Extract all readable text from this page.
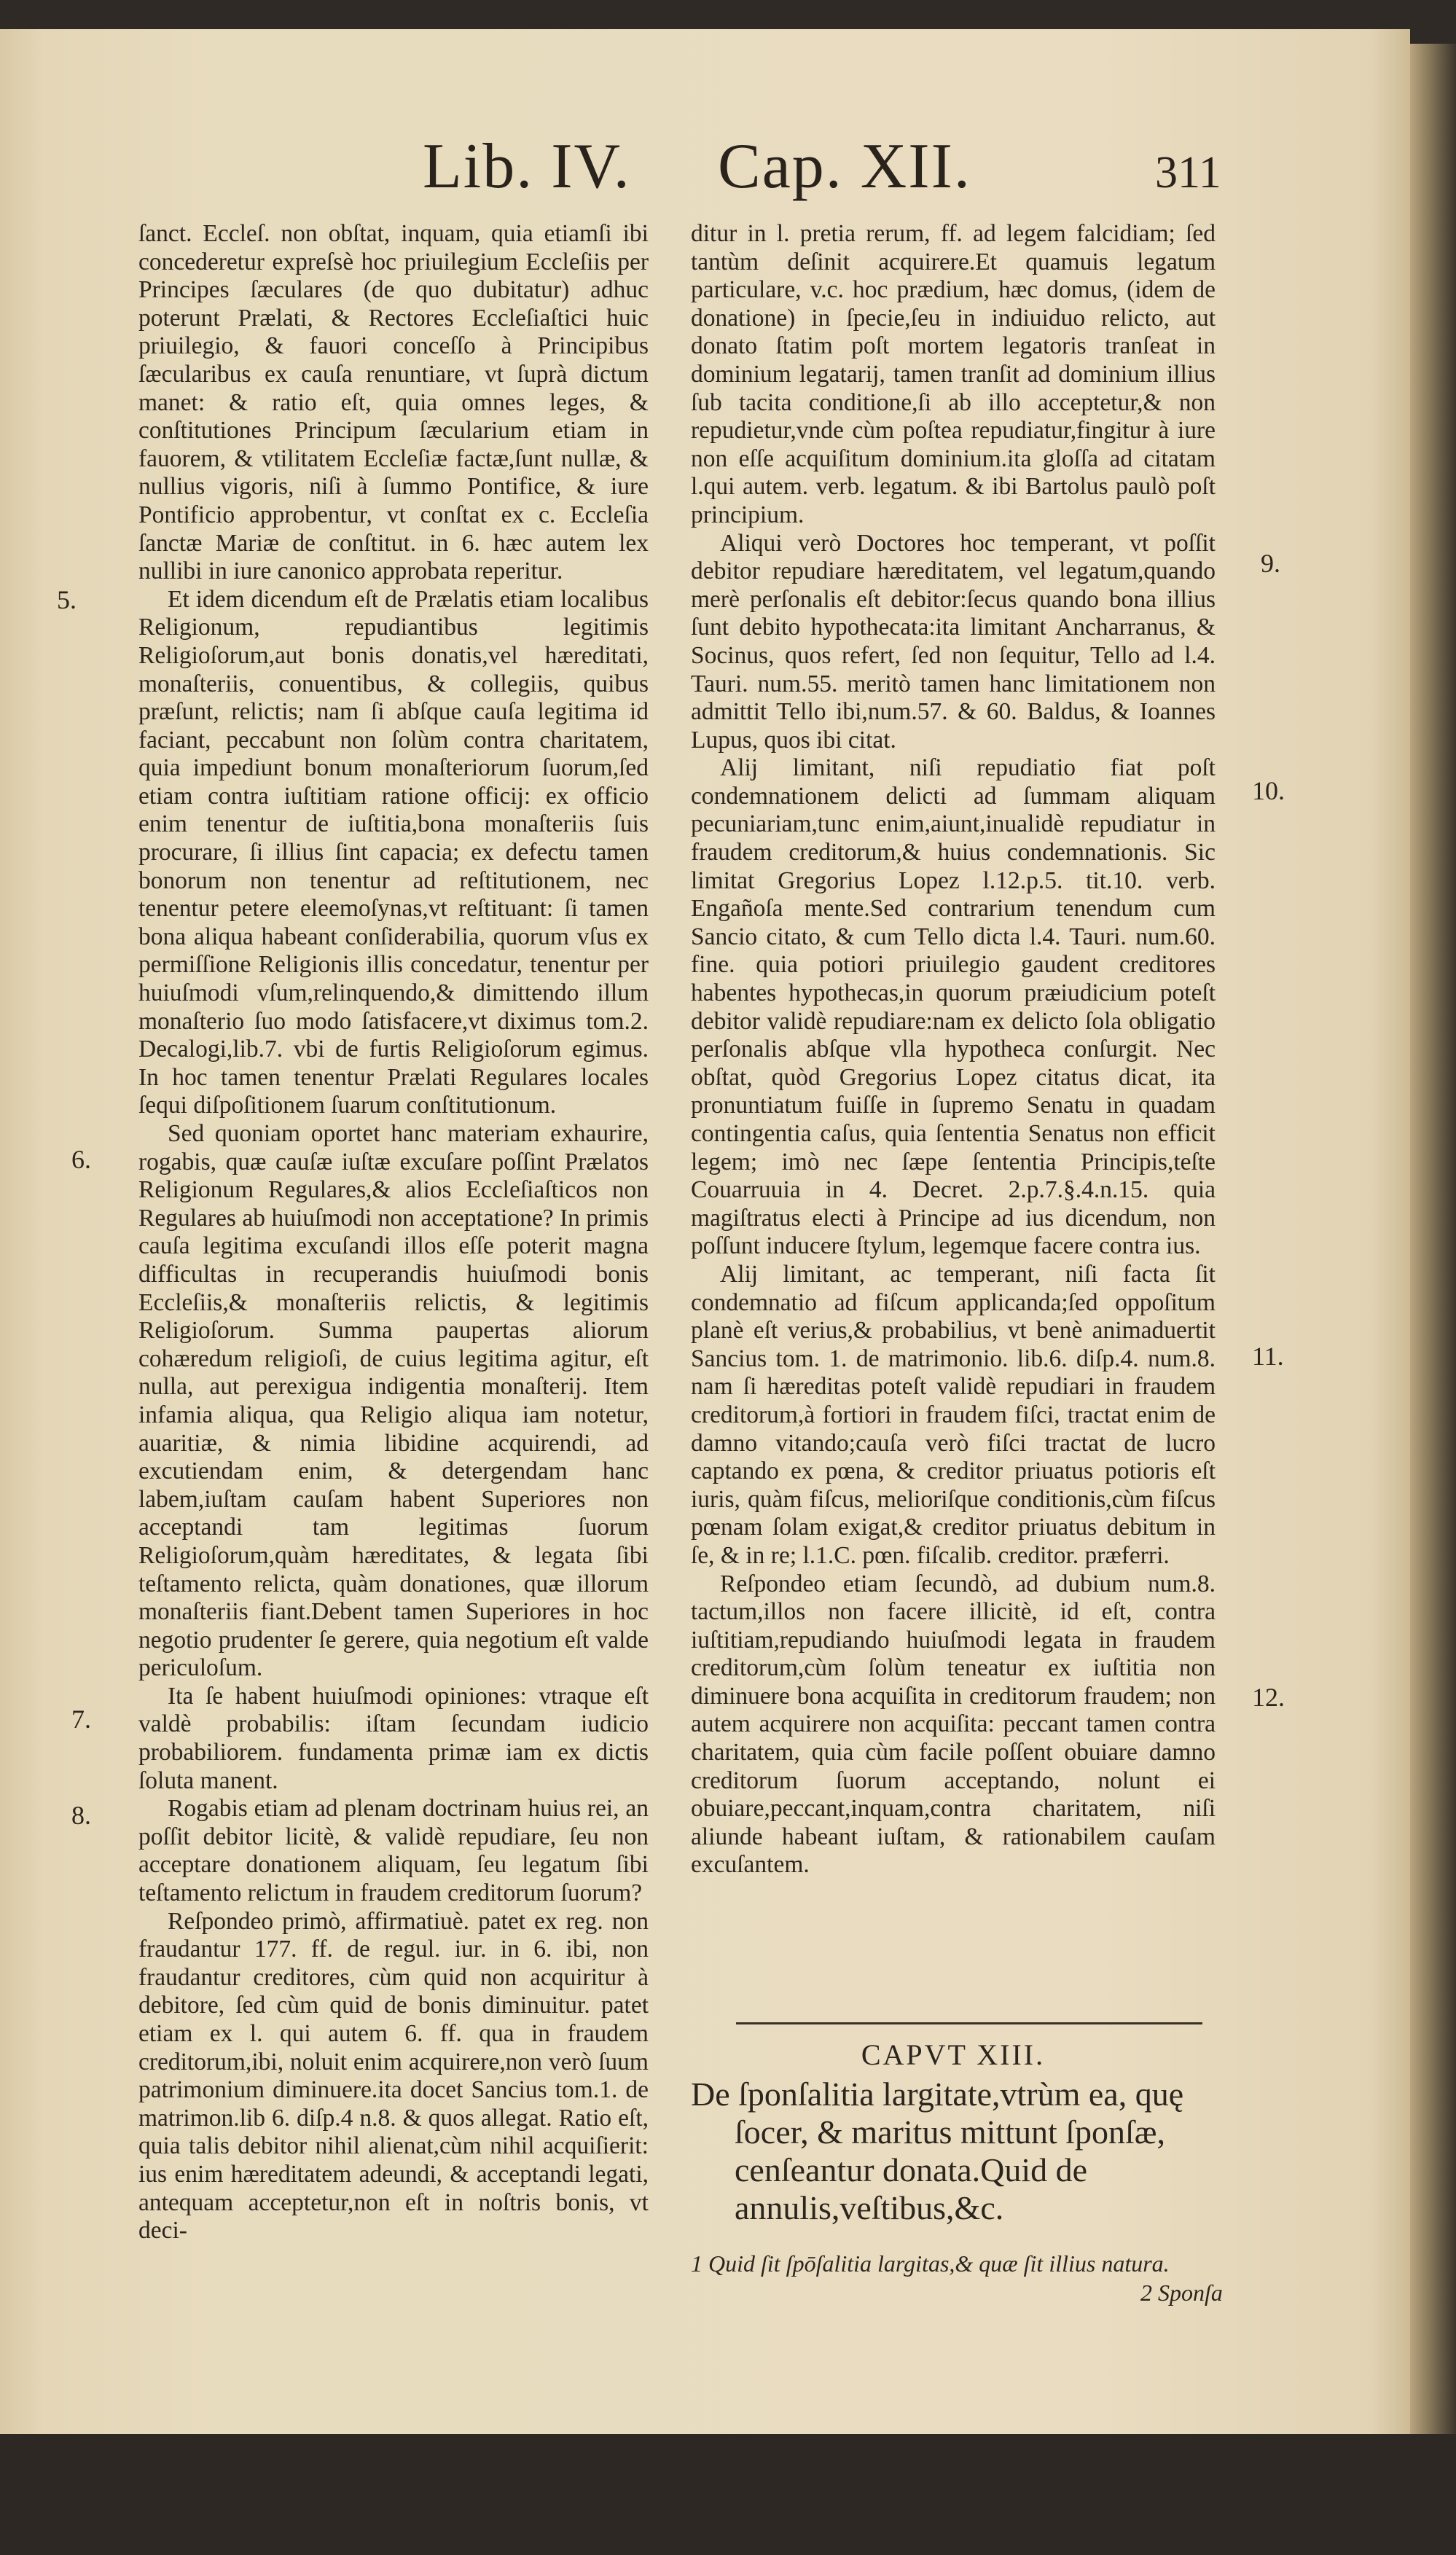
Lib. IV. Cap. XII.	311

ſanct. Eccleſ. non obſtat, inquam, quia etiamſi ibi concederetur expreſsè hoc priuilegium Eccleſiis per Principes ſæculares (de quo dubitatur) adhuc poterunt Prælati, & Rectores Eccleſiaſtici huic priuilegio, & fauori conceſſo à Principibus ſæcularibus ex cauſa renuntiare, vt ſuprà dictum manet: & ratio eſt, quia omnes leges, & conſtitutiones Principum ſæcularium etiam in fauorem, & vtilitatem Eccleſiæ factæ,ſunt nullæ, & nullius vigoris, niſi à ſummo Pontifice, & iure Pontificio approbentur, vt conſtat ex c. Eccleſia ſanctæ Mariæ de conſtitut. in 6. hæc autem lex nullibi in iure canonico approbata reperitur.

Et idem dicendum eſt de Prælatis etiam localibus Religionum, repudiantibus legitimis Religioſorum,aut bonis donatis,vel hæreditati, monaſteriis, conuentibus, & collegiis, quibus præſunt, relictis; nam ſi abſque cauſa legitima id faciant, peccabunt non ſolùm contra charitatem, quia impediunt bonum monaſteriorum ſuorum,ſed etiam contra iuſtitiam ratione officij: ex officio enim tenentur de iuſtitia,bona monaſteriis ſuis procurare, ſi illius ſint capacia; ex defectu tamen bonorum non tenentur ad reſtitutionem, nec tenentur petere eleemoſynas,vt reſtituant: ſi tamen bona aliqua habeant conſiderabilia, quorum vſus ex permiſſione Religionis illis concedatur, tenentur per huiuſmodi vſum,relinquendo,& dimittendo illum monaſterio ſuo modo ſatisfacere,vt diximus tom.2. Decalogi,lib.7. vbi de furtis Religioſorum egimus. In hoc tamen tenentur Prælati Regulares locales ſequi diſpoſitionem ſuarum conſtitutionum.

Sed quoniam oportet hanc materiam exhaurire, rogabis, quæ cauſæ iuſtæ excuſare poſſint Prælatos Religionum Regulares,& alios Eccleſiaſticos non Regulares ab huiuſmodi non acceptatione? In primis cauſa legitima excuſandi illos eſſe poterit magna difficultas in recuperandis huiuſmodi bonis Eccleſiis,& monaſteriis relictis, & legitimis Religioſorum. Summa paupertas aliorum cohæredum religioſi, de cuius legitima agitur, eſt nulla, aut perexigua indigentia monaſterij. Item infamia aliqua, qua Religio aliqua iam notetur, auaritiæ, & nimia libidine acquirendi, ad excutiendam enim, & detergendam hanc labem,iuſtam cauſam habent Superiores non acceptandi tam legitimas ſuorum Religioſorum,quàm hæreditates, & legata ſibi teſtamento relicta, quàm donationes, quæ illorum monaſteriis fiant.Debent tamen Superiores in hoc negotio prudenter ſe gerere, quia negotium eſt valde periculoſum.

Ita ſe habent huiuſmodi opiniones: vtraque eſt valdè probabilis: iſtam ſecundam iudicio probabiliorem. fundamenta primæ iam ex dictis ſoluta manent.

Rogabis etiam ad plenam doctrinam huius rei, an poſſit debitor licitè, & validè repudiare, ſeu non acceptare donationem aliquam, ſeu legatum ſibi teſtamento relictum in fraudem creditorum ſuorum?

Reſpondeo primò, affirmatiuè. patet ex reg. non fraudantur 177. ff. de regul. iur. in 6. ibi, non fraudantur creditores, cùm quid non acquiritur à debitore, ſed cùm quid de bonis diminuitur. patet etiam ex l. qui autem 6. ff. qua in fraudem creditorum,ibi, noluit enim acquirere,non verò ſuum patrimonium diminuere.ita docet Sancius tom.1. de matrimon.lib 6. diſp.4 n.8. & quos allegat. Ratio eſt, quia talis debitor nihil alienat,cùm nihil acquiſierit: ius enim hæreditatem adeundi, & acceptandi legati, antequam acceptetur,non eſt in noſtris bonis, vt deci-

5.
6.
7.
8.

ditur in l. pretia rerum, ff. ad legem falcidiam; ſed tantùm deſinit acquirere.Et quamuis legatum particulare, v.c. hoc prædium, hæc domus, (idem de donatione) in ſpecie,ſeu in indiuiduo relicto, aut donato ſtatim poſt mortem legatoris tranſeat in dominium legatarij, tamen tranſit ad dominium illius ſub tacita conditione,ſi ab illo acceptetur,& non repudietur,vnde cùm poſtea repudiatur,fingitur à iure non eſſe acquiſitum dominium.ita gloſſa ad citatam l.qui autem. verb. legatum. & ibi Bartolus paulò poſt principium.

Aliqui verò Doctores hoc temperant, vt poſſit debitor repudiare hæreditatem, vel legatum,quando merè perſonalis eſt debitor:ſecus quando bona illius ſunt debito hypothecata:ita limitant Ancharranus, & Socinus, quos refert, ſed non ſequitur, Tello ad l.4. Tauri. num.55. meritò tamen hanc limitationem non admittit Tello ibi,num.57. & 60. Baldus, & Ioannes Lupus, quos ibi citat.

Alij limitant, niſi repudiatio fiat poſt condemnationem delicti ad ſummam aliquam pecuniariam,tunc enim,aiunt,inualidè repudiatur in fraudem creditorum,& huius condemnationis. Sic limitat Gregorius Lopez l.12.p.5. tit.10. verb. Engañoſa mente.Sed contrarium tenendum cum Sancio citato, & cum Tello dicta l.4. Tauri. num.60. fine. quia potiori priuilegio gaudent creditores habentes hypothecas,in quorum præiudicium poteſt debitor validè repudiare:nam ex delicto ſola obligatio perſonalis abſque vlla hypotheca conſurgit. Nec obſtat, quòd Gregorius Lopez citatus dicat, ita pronuntiatum fuiſſe in ſupremo Senatu in quadam contingentia caſus, quia ſententia Senatus non efficit legem; imò nec ſæpe ſententia Principis,teſte Couarruuia in 4. Decret. 2.p.7.§.4.n.15. quia magiſtratus electi à Principe ad ius dicendum, non poſſunt inducere ſtylum, legemque facere contra ius.

Alij limitant, ac temperant, niſi facta ſit condemnatio ad fiſcum applicanda;ſed oppoſitum planè eſt verius,& probabilius, vt benè animaduertit Sancius tom. 1. de matrimonio. lib.6. diſp.4. num.8. nam ſi hæreditas poteſt validè repudiari in fraudem creditorum,à fortiori in fraudem fiſci, tractat enim de damno vitando;cauſa verò fiſci tractat de lucro captando ex pœna, & creditor priuatus potioris eſt iuris, quàm fiſcus, melioriſque conditionis,cùm fiſcus pœnam ſolam exigat,& creditor priuatus debitum in ſe, & in re; l.1.C. pœn. fiſcalib. creditor. præferri.

Reſpondeo etiam ſecundò, ad dubium num.8. tactum,illos non facere illicitè, id eſt, contra iuſtitiam,repudiando huiuſmodi legata in fraudem creditorum,cùm ſolùm teneatur ex iuſtitia non diminuere bona acquiſita in creditorum fraudem; non autem acquirere non acquiſita: peccant tamen contra charitatem, quia cùm facile poſſent obuiare damno creditorum ſuorum acceptando, nolunt ei obuiare,peccant,inquam,contra charitatem, niſi aliunde habeant iuſtam, & rationabilem cauſam excuſantem.

9.
10.
11.
12.
CAPVT XIII.
De ſponſalitia largitate,vtrùm ea, quę
ſocer, & maritus mittunt ſponſæ, cenſeantur donata.Quid de annulis,veſtibus,&c.
1 Quid ſit ſpōſalitia largitas,& quæ ſit illius natura.
2 Sponſa
